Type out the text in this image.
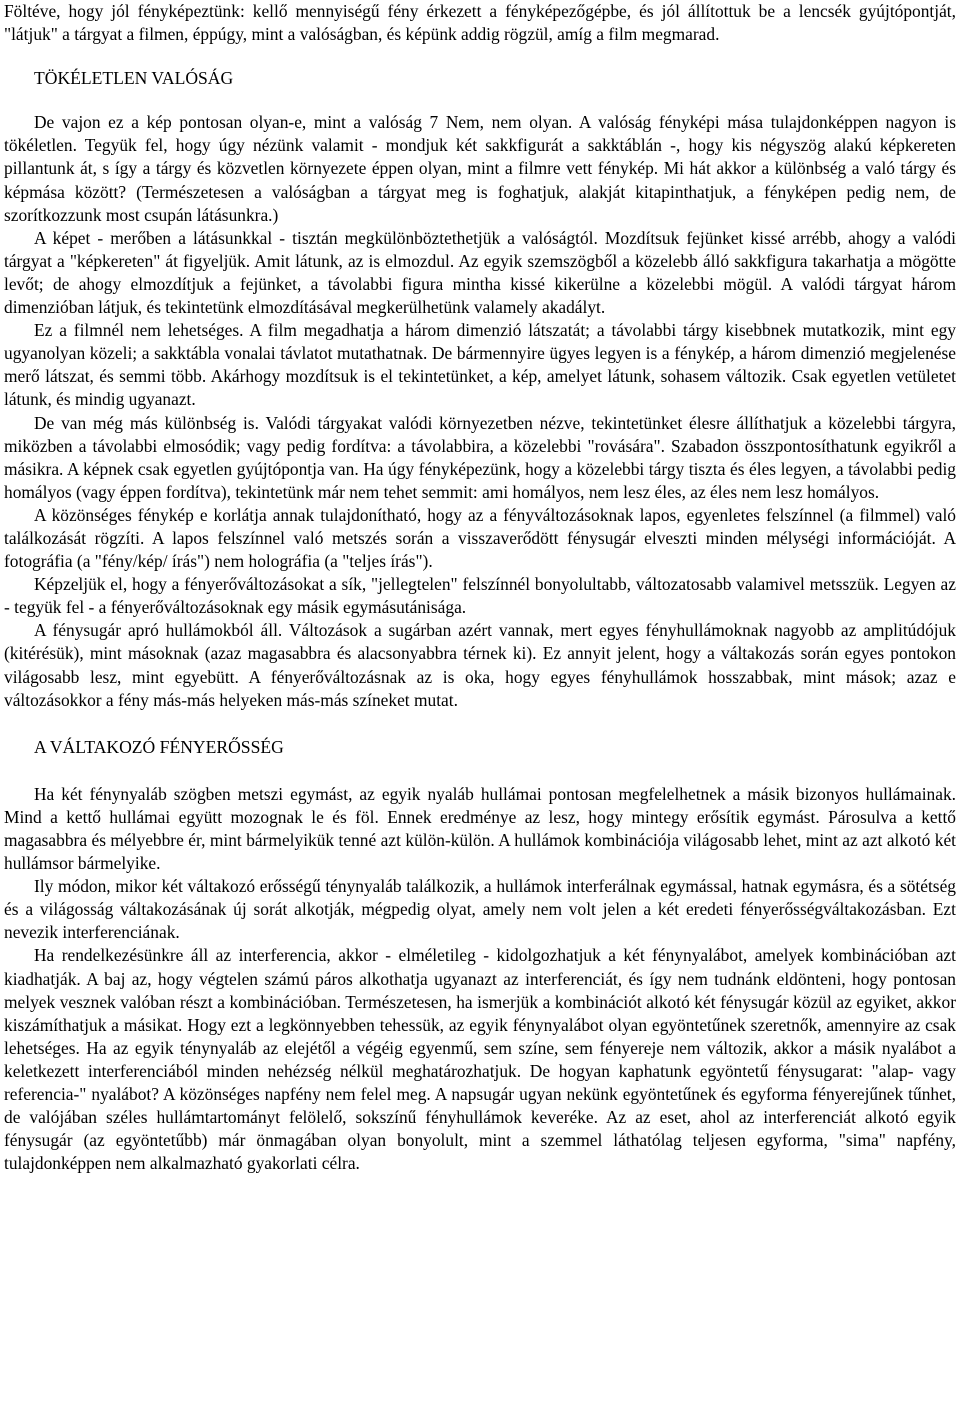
Föltéve, hogy jól fényképeztünk: kellő mennyiségű fény érkezett a fényképezőgépbe, és jól állítottuk be a lencsék gyújtópontját, "látjuk" a tárgyat a filmen, éppúgy, mint a valóságban, és képünk addig rögzül, amíg a film megmarad.

TÖKÉLETLEN VALÓSÁG

De vajon ez a kép pontosan olyan-e, mint a valóság 7 Nem, nem olyan. A valóság fényképi mása tulajdonképpen nagyon is tökéletlen. Tegyük fel, hogy úgy nézünk valamit - mondjuk két sakkfigurát a sakktáblán -, hogy kis négyszög alakú képkereten pillantunk át, s így a tárgy és közvetlen környezete éppen olyan, mint a filmre vett fénykép. Mi hát akkor a különbség a való tárgy és képmása között? (Természetesen a valóságban a tárgyat meg is foghatjuk, alakját kitapinthatjuk, a fényképen pedig nem, de szorítkozzunk most csupán látásunkra.)

A képet - merőben a látásunkkal - tisztán megkülönböztethetjük a valóságtól. Mozdítsuk fejünket kissé arrébb, ahogy a valódi tárgyat a "képkereten" át figyeljük. Amit látunk, az is elmozdul. Az egyik szemszögből a közelebb álló sakkfigura takarhatja a mögötte levőt; de ahogy elmozdítjuk a fejünket, a távolabbi figura mintha kissé kikerülne a közelebbi mögül. A valódi tárgyat három dimenzióban látjuk, és tekintetünk elmozdításával megkerülhetünk valamely akadályt.

Ez a filmnél nem lehetséges. A film megadhatja a három dimenzió látszatát; a távolabbi tárgy kisebbnek mutatkozik, mint egy ugyanolyan közeli; a sakktábla vonalai távlatot mutathatnak. De bármennyire ügyes legyen is a fénykép, a három dimenzió megjelenése merő látszat, és semmi több. Akárhogy mozdítsuk is el tekintetünket, a kép, amelyet látunk, sohasem változik. Csak egyetlen vetületet látunk, és mindig ugyanazt.

De van még más különbség is. Valódi tárgyakat valódi környezetben nézve, tekintetünket élesre állíthatjuk a közelebbi tárgyra, miközben a távolabbi elmosódik; vagy pedig fordítva: a távolabbira, a közelebbi "rovására". Szabadon összpontosíthatunk egyikről a másikra. A képnek csak egyetlen gyújtópontja van. Ha úgy fényképezünk, hogy a közelebbi tárgy tiszta és éles legyen, a távolabbi pedig homályos (vagy éppen fordítva), tekintetünk már nem tehet semmit: ami homályos, nem lesz éles, az éles nem lesz homályos.

A közönséges fénykép e korlátja annak tulajdonítható, hogy az a fényváltozásoknak lapos, egyenletes felszínnel (a filmmel) való találkozását rögzíti. A lapos felszínnel való metszés során a visszaverődött fénysugár elveszti minden mélységi információját. A fotográfia (a "fény/kép/ írás") nem holográfia (a "teljes írás").

Képzeljük el, hogy a fényerőváltozásokat a sík, "jellegtelen" felszínnél bonyolultabb, változatosabb valamivel metsszük. Legyen az - tegyük fel - a fényerőváltozásoknak egy másik egymásutánisága.

A fénysugár apró hullámokból áll. Változások a sugárban azért vannak, mert egyes fényhullámoknak nagyobb az amplitúdójuk (kitérésük), mint másoknak (azaz magasabbra és alacsonyabbra térnek ki). Ez annyit jelent, hogy a váltakozás során egyes pontokon világosabb lesz, mint egyebütt. A fényerőváltozásnak az is oka, hogy egyes fényhullámok hosszabbak, mint mások; azaz e változásokkor a fény más-más helyeken más-más színeket mutat.

A VÁLTAKOZÓ FÉNYERŐSSÉG

Ha két fénynyaláb szögben metszi egymást, az egyik nyaláb hullámai pontosan megfelelhetnek a másik bizonyos hullámainak. Mind a kettő hullámai együtt mozognak le és föl. Ennek eredménye az lesz, hogy mintegy erősítik egymást. Párosulva a kettő magasabbra és mélyebbre ér, mint bármelyikük tenné azt külön-külön. A hullámok kombinációja világosabb lehet, mint az azt alkotó két hullámsor bármelyike.

Ily módon, mikor két váltakozó erősségű ténynyaláb találkozik, a hullámok interferálnak egymással, hatnak egymásra, és a sötétség és a világosság váltakozásának új sorát alkotják, mégpedig olyat, amely nem volt jelen a két eredeti fényerősségváltakozásban. Ezt nevezik interferenciának.

Ha rendelkezésünkre áll az interferencia, akkor - elméletileg - kidolgozhatjuk a két fénynyalábot, amelyek kombinációban azt kiadhatják. A baj az, hogy végtelen számú páros alkothatja ugyanazt az interferenciát, és így nem tudnánk eldönteni, hogy pontosan melyek vesznek valóban részt a kombinációban. Természetesen, ha ismerjük a kombinációt alkotó két fénysugár közül az egyiket, akkor kiszámíthatjuk a másikat. Hogy ezt a legkönnyebben tehessük, az egyik fénynyalábot olyan egyöntetűnek szeretnők, amennyire az csak lehetséges. Ha az egyik ténynyaláb az elejétől a végéig egyenmű, sem színe, sem fényereje nem változik, akkor a másik nyalábot a keletkezett interferenciából minden nehézség nélkül meghatározhatjuk. De hogyan kaphatunk egyöntetű fénysugarat: "alap- vagy referencia-" nyalábot? A közönséges napfény nem felel meg. A napsugár ugyan nekünk egyöntetűnek és egyforma fényerejűnek tűnhet, de valójában széles hullámtartományt felölelő, sokszínű fényhullámok keveréke. Az az eset, ahol az interferenciát alkotó egyik fénysugár (az egyöntetűbb) már önmagában olyan bonyolult, mint a szemmel láthatólag teljesen egyforma, "sima" napfény, tulajdonképpen nem alkalmazható gyakorlati célra.
